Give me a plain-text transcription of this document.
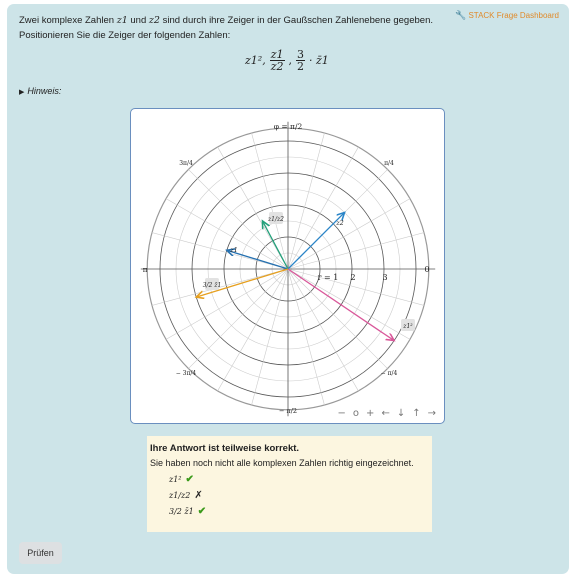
🔧 STACK Frage Dashboard
Zwei komplexe Zahlen z1 und z2 sind durch ihre Zeiger in der Gaußschen Zahlenebene gegeben.
Positionieren Sie die Zeiger der folgenden Zahlen:
z1², $\frac{z1}{z2}$ , $\frac{3}{2}$ · z̄1
▶ Hinweis:
φ = π/2
3π/4	π/4
π	0
− 3π/4	− π/4
− π/2
r = 1 2	3
z1
z2
z1/z2
z1²
3/2 z̄1
− o + ← ↓ ↑ →
Ihre Antwort ist teilweise korrekt.
Sie haben noch nicht alle komplexen Zahlen richtig eingezeichnet.
z1² ✔
z1/z2 ✗
3/2 z̄1 ✔
Prüfen
